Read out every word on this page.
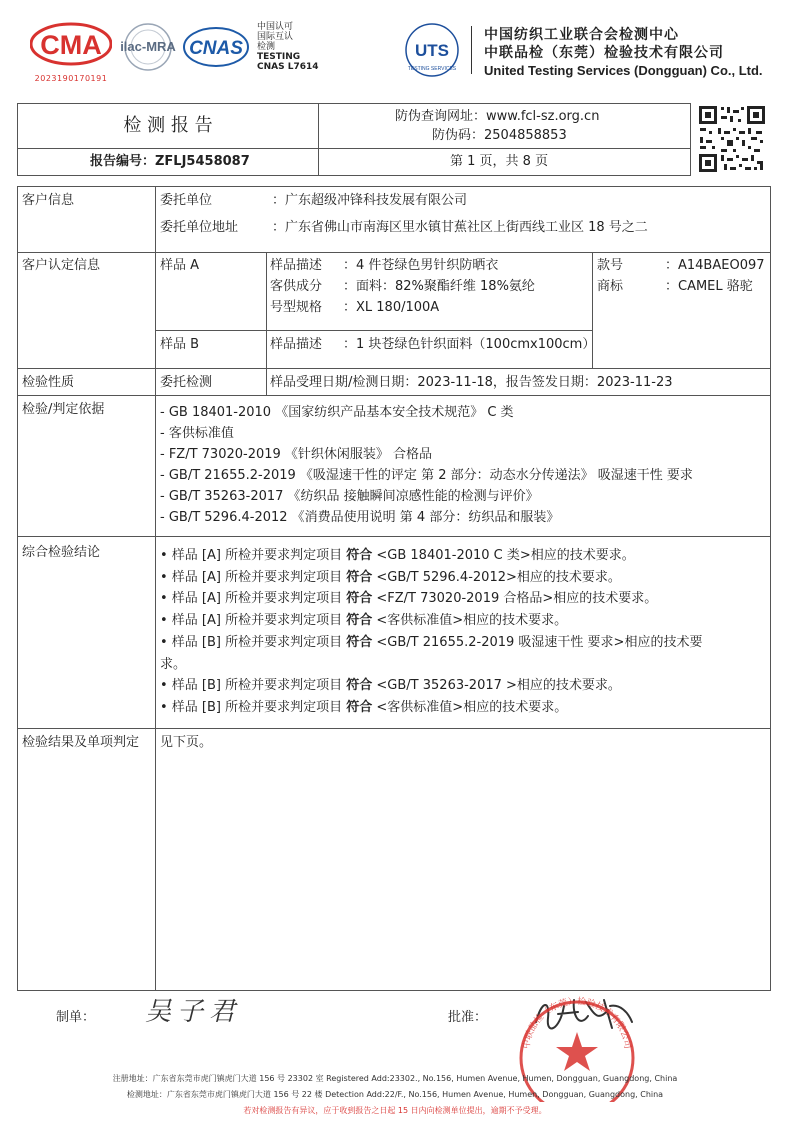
CMA
2023190170191
ilac-MRA CNAS
中国认可
国际互认
检测
TESTING
CNAS L7614
UTS
TESTING SERVICES
中国纺织工业联合会检测中心
中联品检（东莞）检验技术有限公司
United Testing Services (Dongguan) Co., Ltd.
检 测 报 告	防伪查询网址：www.fcl-sz.org.cn
防伪码：2504858853
报告编号：ZFLJ5458087	第 1 页，共 8 页
客户信息	委托单位	：广东超级冲锋科技发展有限公司
委托单位地址	：广东省佛山市南海区里水镇甘蕉社区上街西线工业区 18 号之二
客户认定信息	样品 A	样品描述 ：4 件苍绿色男针织防晒衣
客供成分 ：面料：82%聚酯纤维 18%氨纶
号型规格 ：XL 180/100A
款号	：A14BAEO097
商标	：CAMEL 骆驼
样品 B	样品描述 ：1 块苍绿色针织面料（100cmx100cm）
检验性质	委托检测	样品受理日期/检测日期：2023-11-18，报告签发日期：2023-11-23
检验/判定依据	- GB 18401-2010 《国家纺织产品基本安全技术规范》 C 类
- 客供标准值
- FZ/T 73020-2019 《针织休闲服装》 合格品
- GB/T 21655.2-2019 《吸湿速干性的评定 第 2 部分：动态水分传递法》 吸湿速干性 要求
- GB/T 35263-2017 《纺织品 接触瞬间凉感性能的检测与评价》
- GB/T 5296.4-2012 《消费品使用说明 第 4 部分：纺织品和服装》
综合检验结论	• 样品 [A] 所检并要求判定项目 符合 <GB 18401-2010 C 类>相应的技术要求。
• 样品 [A] 所检并要求判定项目 符合 <GB/T 5296.4-2012>相应的技术要求。
• 样品 [A] 所检并要求判定项目 符合 <FZ/T 73020-2019 合格品>相应的技术要求。
• 样品 [A] 所检并要求判定项目 符合 <客供标准值>相应的技术要求。
• 样品 [B] 所检并要求判定项目 符合 <GB/T 21655.2-2019 吸湿速干性 要求>相应的技术要
求。
• 样品 [B] 所检并要求判定项目 符合 <GB/T 35263-2017 >相应的技术要求。
• 样品 [B] 所检并要求判定项目 符合 <客供标准值>相应的技术要求。
检验结果及单项判定 见下页。
制单： 吴子君	批准：
中联品检（东莞）检验技术有限公司
注册地址：广东省东莞市虎门镇虎门大道 156 号 23302 室 Registered Add:23302., No.156, Humen Avenue, Humen, Dongguan, Guangdong, China
检测地址：广东省东莞市虎门镇虎门大道 156 号 22 楼 Detection Add:22/F., No.156, Humen Avenue, Humen, Dongguan, Guangdong, China
若对检测报告有异议，应于收到报告之日起 15 日内向检测单位提出，逾期不予受理。
